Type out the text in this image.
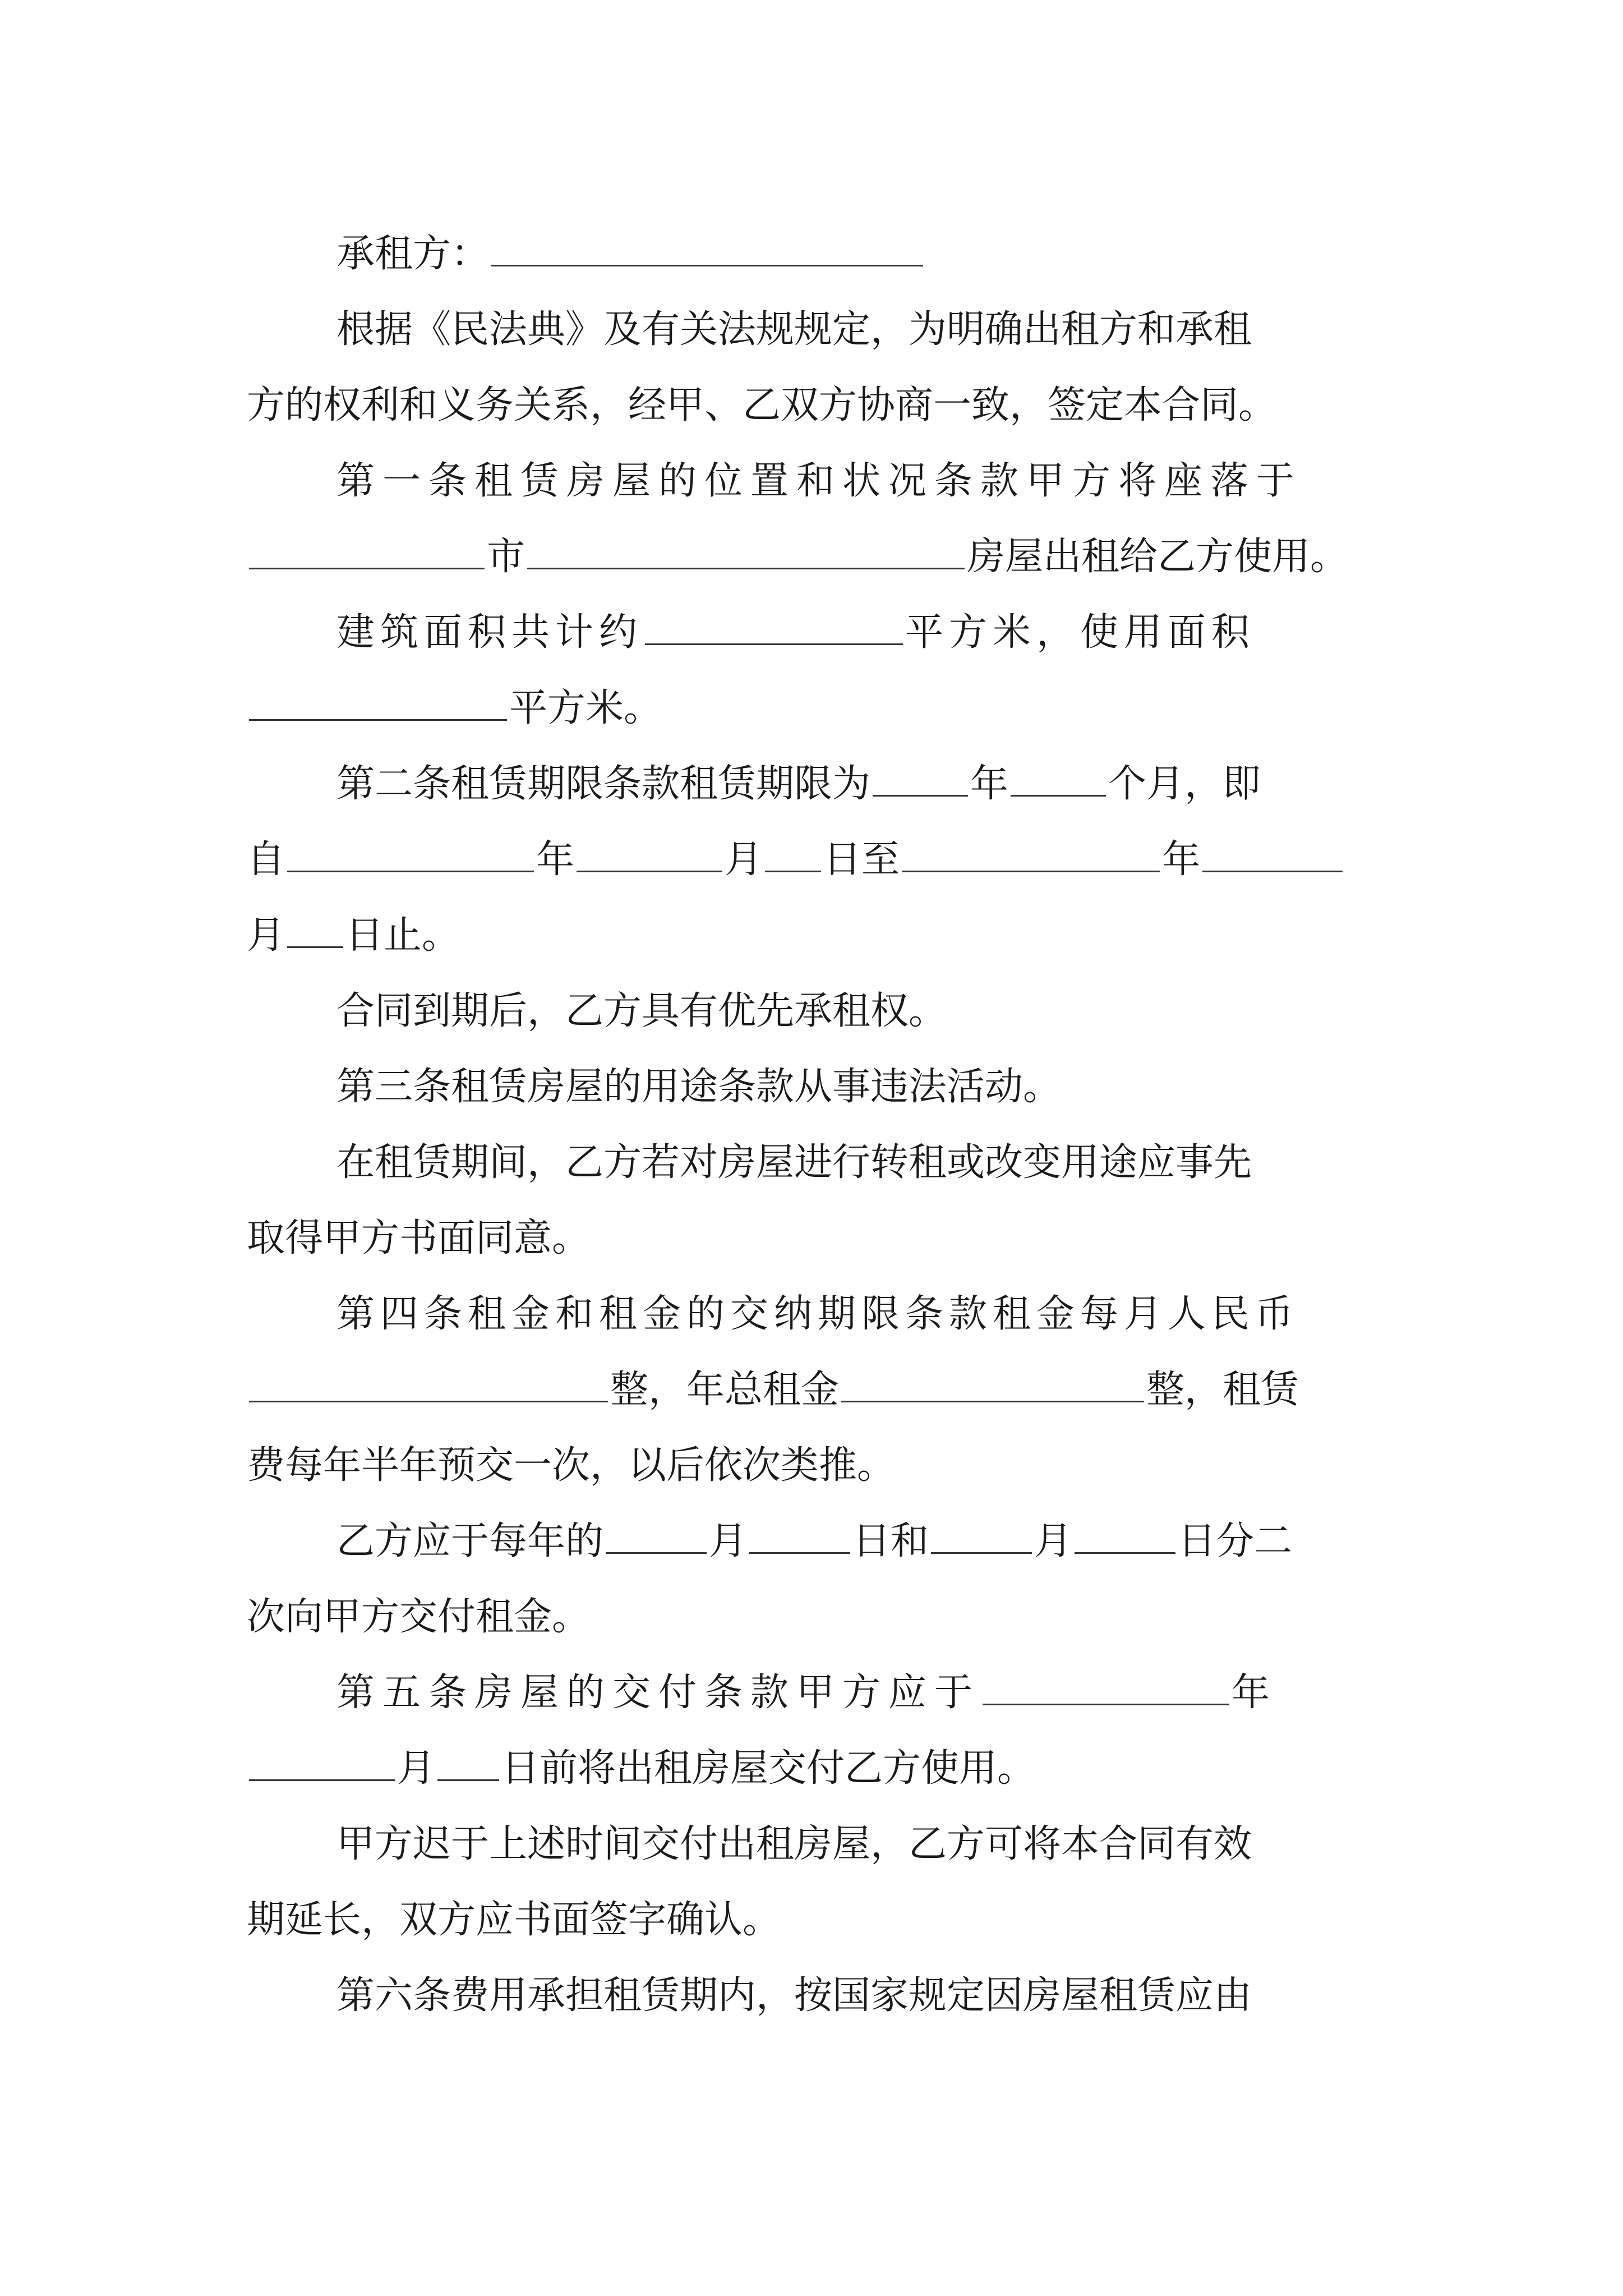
承租方：
根据《民法典》及有关法规规定，为明确出租方和承租
方的权利和义务关系，经甲、乙双方协商一致，签定本合同。
第一条租赁房屋的位置和状况条款甲方将座落于
市	房屋出租给乙方使用。
建筑面积共计约	平方米，使用面积
平方米。
第二条租赁期限条款租赁期限为	年	个月，即
自	年	月 日至	年
月 日止。
合同到期后，乙方具有优先承租权。
第三条租赁房屋的用途条款从事违法活动。
在租赁期间，乙方若对房屋进行转租或改变用途应事先
取得甲方书面同意。
第四条租金和租金的交纳期限条款租金每月人民币
整，年总租金	整，租赁
费每年半年预交一次，以后依次类推。
乙方应于每年的	月	日和	月	日分二
次向甲方交付租金。
第五条房屋的交付条款甲方应于	年
月 日前将出租房屋交付乙方使用。
甲方迟于上述时间交付出租房屋，乙方可将本合同有效
期延长，双方应书面签字确认。
第六条费用承担租赁期内，按国家规定因房屋租赁应由
